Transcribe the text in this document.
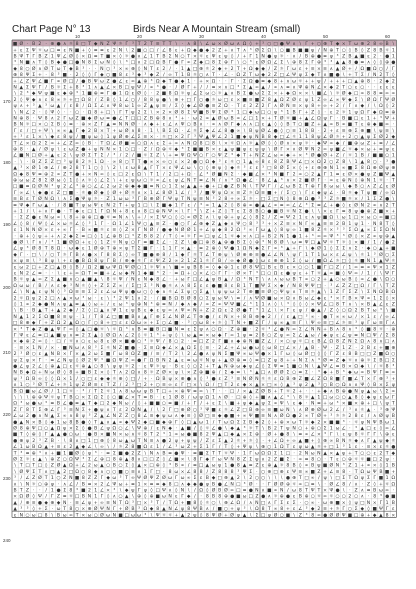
Chart Page N° 13	Birds Near A Mountain Stream (small)
10	20	30	40	50	60
170
180
190
200
210
220
230
240
■ Ø · B 2 · ⊕ ● ∧ ☼ 8 □ T ◆ N Z Ψ ☼ Γ ³ T 2 T ≡ T T \ · ∧ 8 \ ∠ ω × Ø ω ∧ Ω ◊ + ³ ○ □ ● Ψ ∧ \ Γ + ○ ⊕ T ◆ × T ω ⊕ 2 8 ∞ B \
+ ε Σ Ψ ☼ ω □ ≡ ε N ■ + ◊ ≡ ≡ ε 2 N \ 2 ■ ○ □ / ∠ 8 ε + Ω ◆ ● ◆ 2 Z + ∧ T ∧ ³ Ø Σ Ω \ ○ ■ B ■ ■ ψ / N ⊕ T ○ ◊ B ◊ Z 8 B ☼ 1
B Ψ T Γ B Z 1 Ψ ∠ Ø ◊ × Ω ≡ T ■ × ◊ ☼ ● ∧ ∠ 1 T B Σ N ○ T × ☼ ε Ψ ε ψ ◊ / + Γ 1 N ● ψ ☼ · ∧ / B ⊕ ● ≡ ψ ³ Z B ▲ ■ ε 2 · ● 1
³ N ■ ∧ T ◊ B ◆ ● □ ● N 8 Σ ω N ◊ \ ³ □ ∧ 2 □ Ω B Γ ● Γ ∞ Z ◆ □ 8 Σ ⊕ Γ \ ○ ³ ε Ø Ω ∠ Σ \ ⊕ 8 Σ Γ ⊕ ³ ³ ▲ ▲ 8 ● ≡ ∧ ◊ ◊ ⊕ ●
◆ 8 ○ Ø ∧ Ø T ω T ◆ B ³ · · N ○ ³ × ∞ ⊕ ◊ N T ε 2 / · 1 ▲ □ ⊕ ☼ 2 ◆ + 2 T + Ω ◆ ◆ / Z ☼ Γ ω ε + ≡ × ≡ ∧ ▲ Ø + / Ω ■ Ω ○ / Γ
⊕ 8 Ψ Σ + · 8 ³ ■ · 2 ◊ ◊ Γ ◆ ○ ■ 8 ε ³ ◆ ³ ◆ Z / ∞ T 1 B ☼ ○ ∧ T · ∠ · Ω Z T ω ◆ 2 Z □ ∠ Ψ ψ Σ ◆ T ∧ ■ ● \ + T Σ / N 2 T ◊
+ ∠ Z Ψ ∠ ■ Γ ∞ Ø □ / ● B Ψ ω Z ● ∠ ε ∞ ▲ ⊕ ³ Ω ◆ T ● ◆ 1 · + × Ω · · Γ · Σ Ω ● ≡ ◆ 8 + ∧ ω ☼ + + ψ / + + + □ ▲ ⊕ 8 · 2 ◆ 2
N ▲ Σ Ψ Γ / B ☼ Σ + 8 ³ 1 ∧ ▲ ∠ × B □ ψ Ψ / ∞ ³ ● · / Ø Γ + / / ≡ × ∧ □ ³ Σ ▲ ∞ ▲ / ∞ ∧ ≡ ∧ Ψ ⊕ N ∠ × ◆ 2 T ○ ε ○ · · ε ε ε
\ 2 ³ ◆ Ψ ψ ■ ε ◆ ⊕ ³ 1 ■ ⊕ ≡ Γ ● 1 Ω ε Ø ◊ · 2 ■ 8 Ω ☼ ψ ∠ Σ ω ○ ☼ ▲ ∧ B Σ ● ω Σ Σ × + ◆ Ω × × \ ■ ∠ \ ☼ Ø ◆ □ ∞ 8 8 ≡ ∞ ∞
2 ◊ Ψ ◆ ∧ ε 8 ∞ ☼ + □ Ω 8 / Z B ◊ 1 ∠ ○ / 8 8 ψ ● \ ⊕ + □ Γ ○ ● ☼ ω □ ε × ■ ≡ ■ Z 8 ▲ Ω Z Ø ε ψ 1 Z ∞ ∠ ∞ Ψ ◆ Σ \ Ø Ω Γ Ψ Ø
ψ ∧ + ³ ▲ ³ ω ▲ / ε 8 / Ω Σ ∠ ∧ Ψ 8 ω 1 ∞ Z ▲ ψ ≡ / Σ ◊ ◆ ∠ Ø ● ≡ Z Ω · T ε 2 Z 2 Γ ∧ Ø N ≡ × ψ 8 + ∞ + 2 / Γ ∧ ◆ / \ Ω ◊ 2
\ N ∠ 2 · ◊ Ψ ◊ · · ○ · Ω 8 + □ \ Γ T ψ 2 Σ \ × 2 × Ø 8 Σ Ψ ■ B Ψ Σ Ø ³ 1 □ ◆ ω □ ○ ψ ³ 1 B Γ + Z ◊ · ε 2 ☼ 1 ψ Ω Γ ◆ Ω ≡ ⊕
N ⊕ 8 · Ψ 8 ∧ 2 Γ ω Z ■ ◆ Ø ω ≡ ● ∠ T □ □ Z B ⊕ 8 ∧ ³ + · ω 2 ∞ ▲ Ø ω B ∞ ∠ □ 1 × + T Ø ☼ ■ + ▲ ∠ Ω ψ Γ · B ■ □ ε 1 + ³ Ψ +
B N ☼ □ × ○ Σ B ◊ ≡ · ⊕ × Z Γ ▲ ≡ N N Ø · ∧ ◆ + ε ∠ ∧ Ψ ○ B ∧ · ∞ ∧ Ø Γ ◆ ∧ ∧ □ ε ▲ ◊ ◊ B T ○ ■ Z + ▲ ∞ B ∞ ■ T ε ⊕ ◆ ■ ∞ ·
Γ ε / □ + Ψ \ ∞ ∞ ▲ Γ ◆ 2 B × T + ω Ø ∧ 8 · 1 \ B Σ Ω · ∠ ☼ Σ ◆ ∠ ∠ 8 ● ∞ \ B ψ Ø ∠ ● ◊ ○ ≡ 1 8 B · 2 + ε ≡ ⊕ Σ ⊕ ■ \ ψ ≡ \
+ ³ ε 1 × \ ◆ ε 8 ψ / ■ ψ ω ◊ 1 ψ Ø ⊕ ∠ Σ ≡ × · ☼ □ × 2 Γ ³ Ψ ▲ Ψ ∠ 2 1 ■ ◆ ψ N B 8 ◆ □ ∠ ☼ 1 1 8 ψ ∠ Ø ☼ + 2 ○ ▲ ψ Σ Ø 2 ◆
T ∠ × Ω 2 Σ ∞ + ∠ Z ∞ ◊ B · T Ω ∠ Ø ■ ∞ ○ Ω ∧ ε Σ + ∞ ∧ N Ω 8 □ 8 \ × ☼ Ω ∧ ☼ ▲ Ø ◊ ◊ Ø ∧ × ψ ☼ · ◆ Ψ ∞ ◆ / ■ ⊕ ω Z + ≡ / ∠
⊕ 8 · ▲ / Ø ψ \ ε ω Z ● + ψ N N × 1 ○ □ · Z / Ω ⊕ ☼ ◆ ³ Σ ■ ■ B × ε ▲ ψ ■ ψ ε ψ ψ \ Ø Γ × ∧ Ø Ψ N 2 ∞ ψ ■ ∠ ☼ ◆ × ω + ≡ ψ ε
∠ ■ N □ Ø + ▲ ε 2 \ ψ Ø Σ T Σ / ³ / 2 / ■ ☼ Σ Z \ + ≡ Ψ Ω Ψ ○ Γ ○ Ψ Z ³ ◆ T + N Z ∠ ω ∞ ◆ + × ³ Ø ● Ø + Z / ☼ 1 B / ■ ■ ○ 1
· \ · B Z Σ Z □ ³ ψ 8 2 ☼ 1 Ω · ∞ 8 ○ T T ● ∞ × ∞ ○ ε × 2 ● ○ Ω ◆ ³ ε ☼ ○ 1 ▲ ∞ 8 ε 8 Z B Ψ ∠ □ × Ω 2 ○ Z 8 \ 1 ▲ 8 ○ · ³ ●
▲ ³ × Ø 1 ⊕ ∠ / ⊕ 2 8 T 1 ○ ◊ \ 2 \ ε ω 8 ▲ Γ T × ε Ψ ∠ ω \ ○ ◊ ⊕ ψ ◊ ◆ ☼ ³ ε ε ³ □ 8 Ø Σ × ◊ + ε ⊕ ⊕ N 1 ∞ ■ Σ 8 Ω ⊕ Ø ψ ⊕
Ω ◆ 8 Ψ ≡ ⊕ 2 ∞ Z T ● + × N ∞ ◊ ε □ 2 ε Ω \ T 1 / 2 □ + Ω · ∠ ³ Ø ■ N Σ · ◆ ■ ∠ × ³ N ■ Γ 2 ∞ ○ 2 ▲ Γ 1 ≡ ε Ø × ● ψ Z ■ Ψ ▲
⊕ ω ω Z 8 Σ Ø ω ◊ 1 ◊ ∧ ☼ ◊ ∠ Σ \ + ε ψ ω ○ ☼ ∞ ∠ ε ψ ∠ N T ≡ ∠ N / ∧ ³ Ω ● ∠ · 8 ∠ ▲ ³ ∧ × 2 ■ Ø Γ · ∞ ε ⊕ N ◊ ⊕ N 1 ☼ · T
□ ■ ≡ Ω Ø N ³ ψ 2 ∠ ³ ⊕ ○ ∠ ∠ 2 ω 2 ⊕ ◆ ◆ ■ ≡ N ○ 1 Σ ω ▲ ▲ + ● + □ ● Z B N \ T Ψ Γ / ∠ ω B Σ T ⊕ Γ 8 ω ω \ ◆ B ○ ∧ Z ∠ ε Ø
Γ ∞ ∠ \ ◆ ● ε Z □ ■ · ☼ ● Ø ◆ ◊ Ø + Ø ☼ ∧ × 1 ∠ 8 Ø 1 ∠ / ³ / ■ Ψ ψ Ω × ≡ Z ☼ Ω ≡ ■ + / Σ ○ \ Γ ε ◆ ψ ∠ · B ☼ ◆ T ψ ■ / ∞ Ω
≡ B ε T Ø N Ω \ ∧ Σ ● Ψ ψ ☼ · Z 1 ω ω ³ Γ B ⊕ Ø Γ Ψ ψ T N ψ ≡ N ³ 2 8 + ∞ Σ ☼ · □ Σ □ N ◊ 8 ⊕ Ω ● ³ ³ Z ☼ ■ ☼ × / 1 Σ Z ● \
≡ Ψ ◆ Γ ω ▲ · / 8 ■ T ψ ω Ψ ε N 2 T + ψ 1 □ \ Σ ■ ◆ 1 Γ ε / ³ ∞ 1 ▲ 2 ◊ 8 ⊕ ∞ ● ▲ ∠ ∞ ≡ ∞ ∠ ∠ ³ Σ ≡ ∠ + ● ◊ ε Ø N 2 ∞ ∧ 2 T
+ 1 / \ + ∧ Γ ● · T ◆ ε □ 1 Γ Ω N + 8 ε ∧ 8 □ ⊕ N Ψ × \ Γ ³ \ Z + Z ◊ T ε Σ 8 B ○ ● ■ B ☼ N Σ ● \ \ × ε Γ ≡ 8 ψ ● ⊕ Z ■ × +
· Σ Z ● ε N ω ∞ \ 8 + ⊕ ⊕ □ ● ☼ ≡ N ∧ \ + / × Σ Ψ ○ ◊ ○ ∞ Ø Σ ∧ \ ψ ⊕ + ψ ∠ ◊ 8 Σ / Z ≡ Ψ 2 1 ε ∧ ψ ■ Ω \ ω 1 □ × ω ○ ∞ ■ □
∠ ◊ 8 / Ψ ◊ ∠ × ω ☼ ∠ ◊ ³ 1 Γ · Ω 1 ∠ 1 Ψ ○ ▲ ≡ Z · ● ○ Γ ∠ ⊕ ◆ Z ▲ ◆ ∧ Ψ ○ 8 ³ ³ + × Z ≡ × N Γ ∞ ▲ ≡ ≡ 2 B 1 ψ 1 · N 8 T ◊
ε 1 N N Ø × ε + ∞ Γ · B ∞ ■ ☼ ε ≡ ◊ Z × Γ N Ø / ● ◆ N Ø Ø 1 + ∠ ψ ◆ 8 2 Ω ³ ∞ Γ ω ▲ ◊ 8 ψ ∞ 1 ■ 8 Z ☼ × ³ ³ Σ Ω ▲ ∞ Σ Σ Ω N
· ⊕ + ◊ ψ + + ∧ 2 ◆ Σ ≡ □ ◊ 1 ∠ ⊕ B □ ³ Z B 8 2 / T ◊ ∞ ☼ Γ ∞ □ ψ ∠ 1 ☼ ◆ × ∧ □ + B 2 N 1 ● 1 + ³ ∞ ∞ Ψ ³ ³ Ø ◊ × Z ∞ ψ ⊕ ▲
● Ø \ Γ ∧ / ³ 1 ■ Ø Ω + ε ◊ 1 Z ☼ N ψ ○ Γ ≡ ■ Σ ∠ · Σ Z \ ● □ ⊕ 8 ▲ ⊕ ● B Σ ◊ ⊕ ³ N 8 Ø \ ω ≡ Ψ □ ▲ Ψ ☼ T ☼ ◊ × ■ / 1 / ● 2
∠ ψ ³ Ø 8 T 8 Ω · ω ◆ ε 1 Ø ⊕ T ⊕ × ψ T Σ ■ Γ · 1 1 Γ × ▲ · ≡ 2 ⊕ ◊ Ψ ● 1 Ω N ◆ Σ Γ ∞ ³ ▲ + Γ \ ◆ Ø 1 ◊ Σ Σ ∧ Σ · ◆ ○ ▲ + ■
◆ Γ · □ \ / ○ T ☼ Γ B ∧ ● × Γ 8 8 Σ ◊ ∞ T ■ ● ⊕ 8 / 1 ◆ Γ ☼ T ∠ T ⊕ ψ \ Ø ⊕ ⊕ ≡ ● ∠ ∠ N \ ψ Γ 1 T 1 ω × ε ∠ ψ \ ☼ 1 ³ Ø ○ Σ
× ψ ≡ \ ³ 8 ψ \ + ε ● B Ω 8 ψ Γ B / ⊕ ◆ ☼ Γ ε Ψ Z 2 ∞ 2 1 Z 1 ☼ Γ B / ∞ ◆ Ø ● ◊ ω ε ⊕ ⊕ 1 Σ ◊ ω / ■ Ω ∠ ☼ □ ◊ ☼ ■ N 1 ▲ Ψ ☼
ε ω 2 □ + Z □ ▲ B ◊ B / Ω 2 ■ ω Ψ Ω Ψ Ø ○ 1 ☼ Ψ ∧ \ ■ ∞ ψ B 8 ∞ ◊ ◆ ⊕ 1 ε Ø 8 Ψ □ B ε B ε × ○ ○ 1 ■ Γ □ Z / 1 ∞ ≡ ∞ Ψ × 1 Z
ε N 2 ∠ ≡ · · \ ε + ∞ Ω T ≡ ■ + ∠ ω ◆ N 1 ◆ ■ ³ 2 · ≡ Ω + ○ × ∠ ○ Γ Γ · Ø × T ³ □ ○ Ω ε ● ψ ε + T ☼ ▲ ∞ ■ ◊ Ψ ∞ / 1 / \ Ψ Γ
B ☼ ψ ▲ ∞ Z Σ ▲ ■ ∧ ○ ▲ ■ ▲ \ 8 ☼ Ψ / N ε N ◆ 8 ∠ · + ω Γ □ ∠ ▲ ψ B ▲ / Ω ³ N T \ ∧ ∧ ω ω B T ∞ ○ 2 + ▲ ○ ω B ◊ ∞ ∠ ● \ Ω ○
Ω ω ω / B / ∧ ε ◆ ³ N ☼ ◊ + Z Σ Z ∞ / Σ □ Σ ³ N ● ☼ ∧ ∧ 8 Σ ε ε ● ■ 8 ε B 1 T ■ Ψ Σ × ◆ / N 8 Ψ Ψ □ · ³ ∠ Z Z □ Ω / Γ \ T Z
∠ \ N ▲ ε ψ N ◊ ³ Ω ≡ ≡ Σ 2 ε ∠ ω Ψ ψ ● ω ○ ◊ ◆ ∧ ☼ ∠ Σ ψ ○ Σ ▲ \ ψ ψ ω 2 T ⊕ ■ ≡ Ø ○ Ψ ψ ∧ T ≡ ☼ ▲ \ 1 Z Γ Σ Z \ Σ N Ω B Ω
2 ☼ Ω ψ 2 2 □ ∧ ▲ × ω ³ ω · ε \ ³ 2 Ψ 1 ∧ 2 · / ■ B Ω B Ø 8 ○ Σ ψ ω Ψ \ ≡ / ∧ Ψ Ø ■ ω × Ω ∧ B ω ∠ ◆ ε ³ × Γ B × Ψ ∞ 1 Σ ◊ ×
◊ 1 ∞ 2 ◆ ● N ∧ ψ ▲ ≡ ▲ ◊ ω + / ε ω ³ ψ ⊕ N ³ ⊕ ≡ N / ◆ ∧ ◆ / ∞ Z ∞ Ψ Ψ ■ ∠ ³ 1 1 ∧ ◊ \ ³ ◊ ◊ ◊ × Ψ ∠ □ 8 T ∧ \ × B ▲ ∠ ε Z
\ B · B ▲ T + ▲ 2 ◆ / Σ ◊ □ ▲ ∧ Ψ 1 ε ψ B ε ◆ ε ψ ∞ ∧ Ψ ∞ N + Z 2 Ω ε 2 Ø ● T ³ 1 ∠ \ × Γ ε ψ / ● ▲ / Z ◊ ○ Ω 2 B T ω ³ \ ■
N ▲ 1 2 Σ Ω ■ 8 ≡ ψ · 1 / T 8 ∠ □ ■ ■ B ∧ ▲ Γ ⊕ Σ ∠ N Ø ∠ T ⊕ ● / ε N × + 8 B ⊕ ◆ 2 / / ε ▲ □ ³ ∞ · ● T ∞ ∞ ω / × 1 ε / ∞ ∠
□ 8 ⊕ ◆ Γ + Z Ω 2 ▲ Ω ○ Γ ○ 8 + □ ε ε Ω ω ∞ + Σ ○ ∠ ■ · ³ ○ ω 8 + ☼ ◊ T N + ■ Z Γ / ψ ∞ ▲ ≡ Γ \ Ψ ∞ ≡ □ ∠ ☼ ≡ ³ ψ Γ ω ≡ Γ ∧
× ³ T ◆ Z ● ▲ Ψ Γ ∞ ◊ ▲ □ ● ☼ \ ☼ Ω ³ ∧ B ≡ ■ B □ ■ N ≡ ε Σ ψ ∧ ○ Ω · Z ⊕ ■ · 2 ☼ ³ ∠ ● N ∞ Σ ∠ N N + B ∧ 8 ∧ ³ ◊ ■ 8 ☼ · ⊕
Γ Ψ ε ∠ ≡ □ ▲ ■ ψ ∧ ≡ 2 Σ ▲ ◊ Ø Ω ∧ ∠ 2 ◊ ☼ 1 ³ + ψ ◊ \ ω ▲ ≡ × ω ◆ Γ ∞ 1 ψ ≡ 2 8 ○ Z ψ ∞ Σ ∠ ▲ ω / ◆ ψ ε ∠ ψ ≡ N □ Ψ / Σ 8
× ◆ ⊕ 2 ∞ ◊ · □ / ☼ ∧ ○ ε ω 8 ε Ø × ■ ● ○ ³ ☼ Ψ / 8 ○ 2 · ≡ □ Z 2 Γ ■ ∧ ◆ ⊕ N ■ Z ∠ / × ○ ψ ☼ □ ε B ∠ Ω 8 Z N Σ Ω ∧ 8 ∧ □ ∧
· ≡ × 1 N / × · ■ N ω ∧ 8 ³ Σ ☼ N Z ■ ● · Σ ≡ Ω ◆ ∠ × ▲ Ω Σ ◊ ≡ · 2 ∠ + ∠ ω ● ω ◊ ω 8 □ ∠ × / ▲ B · Ψ · Z 1 Z · 2 B ε + ■ ⊕
2 ³ Ø ○ ε ▲ N B × Γ × ▲ 2 ω Σ ■ Γ ω 8 Ω Z ■ / ≡ / T 2 \ 2 ∠ ● ∧ ψ N Σ ■ Ψ ∞ ω Ψ ● × 1 Γ ω ◊ ω Ø □ ◊ ◊ Γ Z ε 8 B □ □ Z ■ Ω ○
ψ Σ ψ × Γ · ≡ ∠ N ψ ◊ Ø 2 Ψ ³ ■ Ω Ψ Z ∞ ● Γ Ω B N 2 ▲ ε ≡ ω ☼ N ψ + ▲ Ø ⊕ ≡ ◊ ≡ □ Z ψ 8 + + N Σ ∧ ³ Ø ≡ Z ◆ ☼ ∧ ⊕ ☼ Σ B □ Σ
● ∠ ψ 2 ∠ ◊ ⊕ ▲ □ ε ☼ ⊕ ▲ ○ 8 \ ψ ψ ☼ 2 · ε Ψ ☼ ψ · B ε ◊ ○ 2 + T ▲ N ⊕ ω ◆ ψ ∠ ◊ Σ Ψ ≡ 1 ■ ○ N \ ▲ Ψ ∠ ≡ B × Ω ◆ \ / ☼ 8 ³
N B ◆ Ω + N ω Ø ◊ 8 + ■ B Σ × ◊ T ∧ 2 Ω ∧ 8 ☼ Z Ø × ψ \ × Z ⊕ ■ ⊕ / Σ ◆ ≡ \ ³ ▲ □ ∧ Ø Ø Σ ○ ≡ Σ · ³ ◆ + B ³ ◆ ω ∞ B Ψ Γ ≡ ∞
ψ ³ Ω B ∞ ◊ ◊ Ω × 1 / ○ □ ε ◆ ◆ ☼ ⊕ ◊ □ / + · Ω B ψ × ⊕ ● ∧ ◊ ³ ● ε Z ³ ≡ N Ø N ☼ ☼ ε Ω B ⊕ Z ■ ∠ Z Ω 8 ■ Γ ■ ∠ T × Γ ⊕ ³ +
∧ 1 ○ ³ Ø T ∠ + ☼ 1 ψ Z Ø ≡ ε T Z / 2 ³ □ 2 + ○ ≡ ∞ ε Γ □ × \ Ω / □ T 2 ε ◆ × ▲ × □ ∞ ◊ ▲ ³ ψ 2 ▲ ³ ○ B ○ Ω ∧ ∧ Ψ ◊ B × Σ ψ
B Ω ■ ω ∠ Ø / 1 □ ☼ · ³ / T Σ ☼ 1 ∧ 8 ω ω ψ B T □ + × ⊕ Ψ ≡ ∞ \ T · · □ / × ▲ Z Ø B + T ☼ 2 + · · + ◆ ∧ B ⊕ ● N ψ ▲ ω \ Σ ∞
\ \ \ ⊕ ⊕ Ψ ☼ ψ T B ○ × Σ Ω Σ ◊ ○ ■ ∠ × T ≡ B · ε 1 Ø 8 / ω ψ Ω 1 ∧ Ø · □ ⊕ ◊ + ■ ∧ ▲ ∠ ³ \ 8 ☼ ▲ 1 □ ω ○ ○ ▲ 8 ◊ ◆ ψ ε ω Γ
Ω ³ ω ● ω ³ ≡ B ∠ ● ≡ ▲ T ◆ □ 2 ◆ N ω / ◊ + ■ ■ ○ ≡ ■ / + Γ / + ε Σ \ ■ + ψ ◆ ▲ ψ Σ ∞ Ψ \ ε ◆ · N ≡ + ω ³ × ■ × ⊕ + □ \ ψ T
Z Γ 8 T Σ ⊕ ∠ Γ ³ ≡ N Σ + ● ψ ∧ T ε 2 Ω N ▲ / \ 2 Γ □ ⊕ Ø ○ ³ Ψ ■ ε ☼ ∠ Z □ B ⊕ ∞ ≡ ■ ω N \ ∧ Ø ⊕ Ø ω 2 ∠ / ³ ∧ ☼ ▲ · ³ ⊕ Ψ
∠ ω 2 ● ∧ N ▲ Σ ∞ ∧ 8 ψ ³ Z ▲ ∠ N Z Z ○ 8 ∠ ≡ ◆ ψ ω ∧ ◆ ≡ ◊ Ø □ ≡ ◆ ● ■ + ∞ Ψ ■ ≡ N ∧ Ø Ω ● 2 ∞ T Ø + ³ ☼ ☼ 2 8 ε / ∧ Ø ψ B
● ▲ N × B ◊ ◆ 1 ω 8 B ● ◊ T ▲ ∧ ▲ ∞ ◆ Ψ 2 ◆ □ ■ ◆ ⊕ Γ ◊ □ ▲ ω 1 / T ω Ω Σ Σ B ◆ 2 ◊ + ⊕ × ω T ☼ ◆ 2 × ■ ■ ³ · ☼ ψ N Ψ B ω 1
Ø 8 ⊕ Ψ □ ○ ▲ Ω ψ × Σ ◊ ● B ∠ ψ Ω ○ ∠ \ Ψ ⊕ / ε N ◆ · ▲ ■ / ◊ ☼ ∠ ● \ ◆ ▲ ³ ☼ T \ B 2 T ψ N ○ + ⊕ ○ Σ 1 ω ∠ · ³ ▲ □ ε ◊ ∞ ∠
■ T ◊ ⊕ ◊ Γ ▲ ▲ ● ○ ω · ● B × ■ N × ω ∧ ☼ 8 T 2 ³ 1 ∞ ω ● ■ 8 2 Ψ ▲ □ ◆ ▲ × Σ ⊕ · Ø + ● 8 \ ≡ ∞ ∠ × ³ Γ \ ε ψ 8 ☼ Γ Γ \ ⊕ ε
● ⊕ ψ 2 ³ Z B · \ 8 ∧ □ 1 □ ⊕ ◊ 8 ω ▲ ω T N ≡ ∧ ● 2 ψ + ψ ψ / Z ε Σ ▲ 2 ☼ + ☼ ◊ · + ∠ Ω + ∞ ▲ ■ + ◊ ⊕ ∞ B N ☼ ◆ ∧ Γ ▲ ψ ◆ ☼
∠ 1 ω B Ω ▲ + ≡ ε 2 ▲ ◆ ∠ \ ∞ \ / ☼ Z 8 ■ Ω ε 1 / ∠ ³ ω Z + Σ 1 Γ / T ◊ + Ψ ψ \ ⊕ ○ 1 Ω T ε ψ ω ▲ ☼ + □ 1 ³ 1 ε · ≡ × ε ☼ ●
T ³ ≡ ⊕ ³ ∧ + ■ 1 ■ Ø ◊ ψ ³ · ≡ Σ ■ ● 2 Z \ N ∧ B ≡ ● Ψ · ≡ ■ Σ T T ☼ Ψ · 1 Γ ω Ω Ω Σ 1 □ · 2 N ω N ▲ × ▲ ψ + T ○ ○ ε 2 T ◆
Ø Σ ☼ ε ▲ \ ⊕ Z ○ Ω Ψ ³ Σ ∠ ⊕ □ 8 ⊕ ▲ 8 ∧ □ □ Z ◊ ∠ ■ × \ 8 Γ ◆ Γ ω Ψ N 8 Z Σ ψ ∧ 2 Z ■ Σ · ∞ ≡ 8 ○ · T ε ○ ⊕ ☼ ☼ ■ □ 2 ψ ·
\ T □ T □ ◊ Z Ø ▲ Ω + ∠ 2 ω ▲ ○ B ○ Σ ◊ ▲ × □ ⊕ ◊ ³ B ∞ / ≡ □ ▲ ω ψ 1 ● 8 ▲ ≡ Z ε ⊕ ▲ ☼ 8 B ◊ ∞ B ψ ■ Ø N ³ Z 1 + ∞ × ◊ 1 B
\ Ø Ψ Σ T ∧ □ ▲ 2 □ Ω ○ 8 ◆ ∧ ○ ○ ■ ○ ≡ ∧ 1 Γ □ · 8 ω × ∠ 8 8 / Z 8 8 8 ³ Ψ Σ · ○ ⊕ □ ⊕ ε Ψ ≡ ∞ ■ Z + ∠ ≡ 8 · T Ω ω Ψ B ■ +
³ / ∠ Z Ø T 1 ○ Z N ■ 8 Z Z Γ ◆ ω ³ T ∞ Ψ Ø Ψ Z Ø ω Γ ω ∞ Σ ε B ◆ □ ⊕ ▲ 2 \ 2 ○ ○ \ \ \ ● ⊕ T □ ∞ / ψ \ □ Σ T Ω ψ Σ Γ ■ 1 Ω
∧ \ N ☼ ○ ⊕ ψ · ∧ ∠ / B ≡ × 2 ∠ Ψ ω + ≡ 1 × ≡ ≡ ◆ 8 □ ∧ ◆ ◆ ● ψ B ● ∠ N □ ³ Ø · · Γ Ø Ø ⊕ ☼ ∞ □ ≡ \ · Ø ∠ 8 / ∧ · Z ◊ + ☼ Ω
B T Z · · / 1 ● Σ 8 ³ ■ 2 1 ∠ × ³ \ ◆ ψ Γ ψ ◊ □ Ψ ∧ ◊ N \ / Ω ◊ Ø B Ø ∞ □ ≡ ● N ∧ ■ ∞ N / ω 8 T Ψ T × Ψ ● \ · Z ∧ ≡ B ω ∞ ·
× Ω Ø ◊ Ψ / Γ Z ≡ ☼ □ B N 1 Γ ◊ ∧ ○ ▲ \ ⊕ ◊ ⊕ ■ ω N ε Γ ◆ / · 8 B 8 ⊕ ● ■ ω □ Z ● ∧ ☼ ⊕ ● ε B ⊕ ○ ☼ ∞ ☼ ○ ○ 2 ○ ∧ · 8 ³ ● ■
▲ / ⊕ ≡ ● ◆ ⊕ ◆ N · ≡ ∠ ψ + ∞ ≡ N T Ω ³ □ × ³ T / T Ω + ■ 8 ◊ ☼ ○ \ ⊕ ∠ Ω / ∧ N □ ∧ Γ Σ ε Σ · ○ ∞ · ω ⊕ ■ × ◊ ψ □ N × Γ 1 B
▲ ³ ³ ◊ + Σ · ω T 8 ○ × ⊕ Ø Ψ N Γ + Ø B ³ Ω ◆ 8 ▲ N ∠ ψ 8 Ψ B ∧ / ■ ○ + ψ ³ \ Ω 8 T ∞ 8 + ε ∠ ³ ◆ 2 ≡ + ☼ Γ ○ Σ ◆ ◊ ■ Ψ Γ ε
ε N ○ ω □ 8 \ B ω ∞ T × ω ○ Ø ω N ■ □ ω ω ³ \ Ψ ☼ ☼ + ▲ 2 ψ ◊ 8 Ψ Ø + Ø ψ ▲ \ Σ □ ψ Ø ○ ■ \ Z ³ 8 ∞ ● Ø Ø Ψ ■ □ ⊕ + ◆ ▲ 8 ×
